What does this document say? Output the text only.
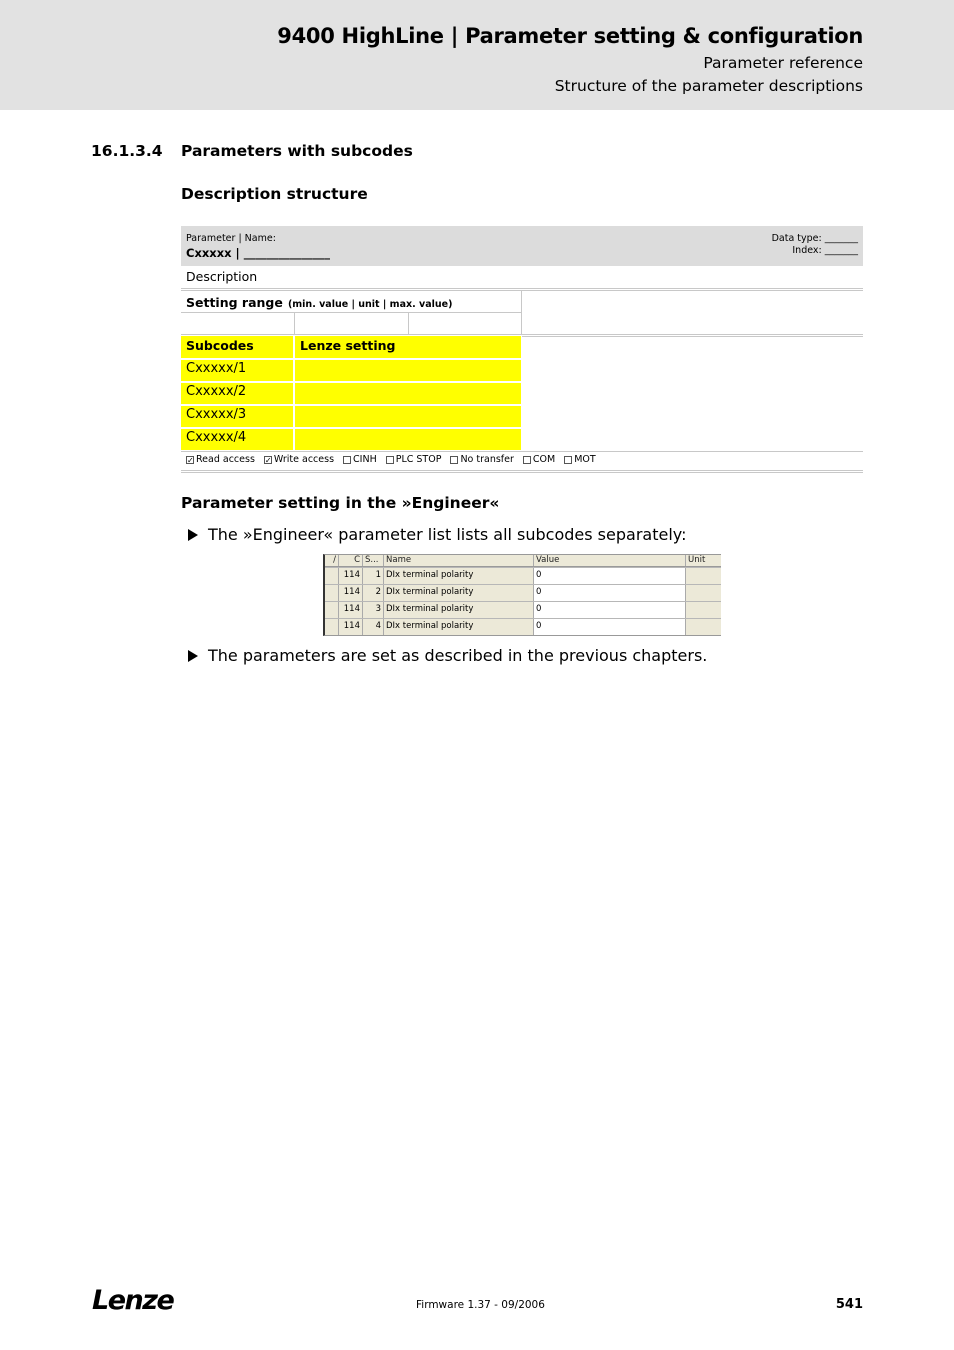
9400 HighLine | Parameter setting & configuration
Parameter reference
Structure of the parameter descriptions
16.1.3.4 Parameters with subcodes
Description structure
Parameter | Name:
Cxxxxx | _______________
Data type: _______
Index: _______
Description
Setting range (min. value | unit | max. value)
Subcodes	Lenze setting
Cxxxxx/1
Cxxxxx/2
Cxxxxx/3
Cxxxxx/4
✓ Read access ✓ Write access CINH PLC STOP No transfer COM MOT
Parameter setting in the »Engineer«
The »Engineer« parameter list lists all subcodes separately:
/	C S... Name	Value	Unit
114	1 DIx terminal polarity	0
114	2 DIx terminal polarity	0
114	3 DIx terminal polarity	0
114	4 DIx terminal polarity	0
The parameters are set as described in the previous chapters.
Lenze	Firmware 1.37 - 09/2006	541
